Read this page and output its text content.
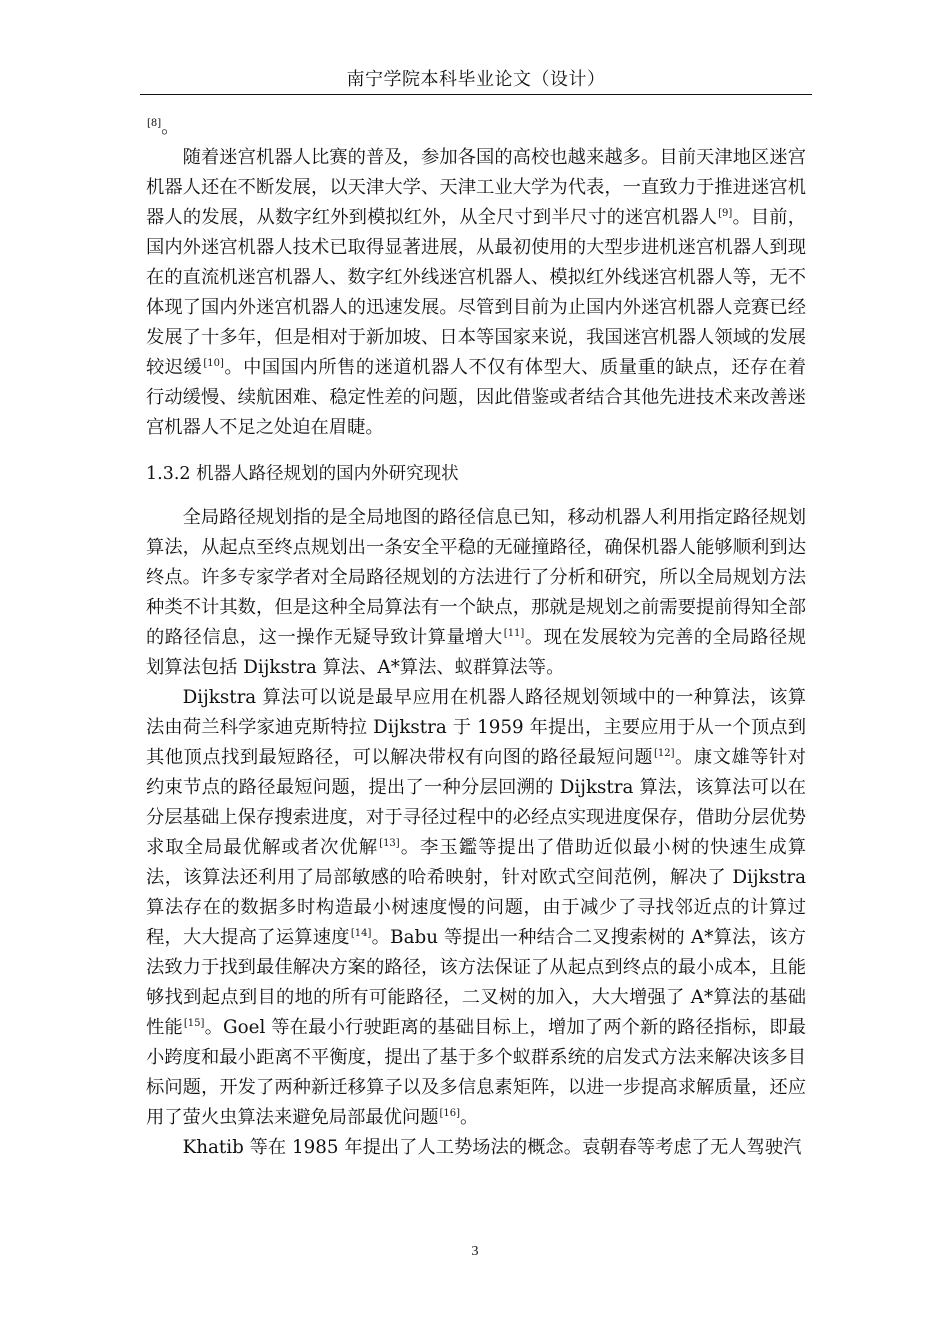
南宁学院本科毕业论文（设计）

[8]。

随着迷宫机器人比赛的普及，参加各国的高校也越来越多。目前天津地区迷宫机器人还在不断发展，以天津大学、天津工业大学为代表，一直致力于推进迷宫机器人的发展，从数字红外到模拟红外，从全尺寸到半尺寸的迷宫机器人[9]。目前，国内外迷宫机器人技术已取得显著进展，从最初使用的大型步进机迷宫机器人到现在的直流机迷宫机器人、数字红外线迷宫机器人、模拟红外线迷宫机器人等，无不体现了国内外迷宫机器人的迅速发展。尽管到目前为止国内外迷宫机器人竞赛已经发展了十多年，但是相对于新加坡、日本等国家来说，我国迷宫机器人领域的发展较迟缓[10]。中国国内所售的迷道机器人不仅有体型大、质量重的缺点，还存在着行动缓慢、续航困难、稳定性差的问题，因此借鉴或者结合其他先进技术来改善迷宫机器人不足之处迫在眉睫。

1.3.2 机器人路径规划的国内外研究现状

全局路径规划指的是全局地图的路径信息已知，移动机器人利用指定路径规划算法，从起点至终点规划出一条安全平稳的无碰撞路径，确保机器人能够顺利到达终点。许多专家学者对全局路径规划的方法进行了分析和研究，所以全局规划方法种类不计其数，但是这种全局算法有一个缺点，那就是规划之前需要提前得知全部的路径信息，这一操作无疑导致计算量增大[11]。现在发展较为完善的全局路径规划算法包括 Dijkstra 算法、A*算法、蚁群算法等。

Dijkstra 算法可以说是最早应用在机器人路径规划领域中的一种算法，该算法由荷兰科学家迪克斯特拉 Dijkstra 于 1959 年提出，主要应用于从一个顶点到其他顶点找到最短路径，可以解决带权有向图的路径最短问题[12]。康文雄等针对约束节点的路径最短问题，提出了一种分层回溯的 Dijkstra 算法，该算法可以在分层基础上保存搜索进度，对于寻径过程中的必经点实现进度保存，借助分层优势求取全局最优解或者次优解[13]。李玉鑑等提出了借助近似最小树的快速生成算法，该算法还利用了局部敏感的哈希映射，针对欧式空间范例，解决了 Dijkstra 算法存在的数据多时构造最小树速度慢的问题，由于减少了寻找邻近点的计算过程，大大提高了运算速度[14]。Babu 等提出一种结合二叉搜索树的 A*算法，该方法致力于找到最佳解决方案的路径，该方法保证了从起点到终点的最小成本，且能够找到起点到目的地的所有可能路径，二叉树的加入，大大增强了 A*算法的基础性能[15]。Goel 等在最小行驶距离的基础目标上，增加了两个新的路径指标，即最小跨度和最小距离不平衡度，提出了基于多个蚁群系统的启发式方法来解决该多目标问题，开发了两种新迁移算子以及多信息素矩阵，以进一步提高求解质量，还应用了萤火虫算法来避免局部最优问题[16]。

Khatib 等在 1985 年提出了人工势场法的概念。袁朝春等考虑了无人驾驶汽

3
